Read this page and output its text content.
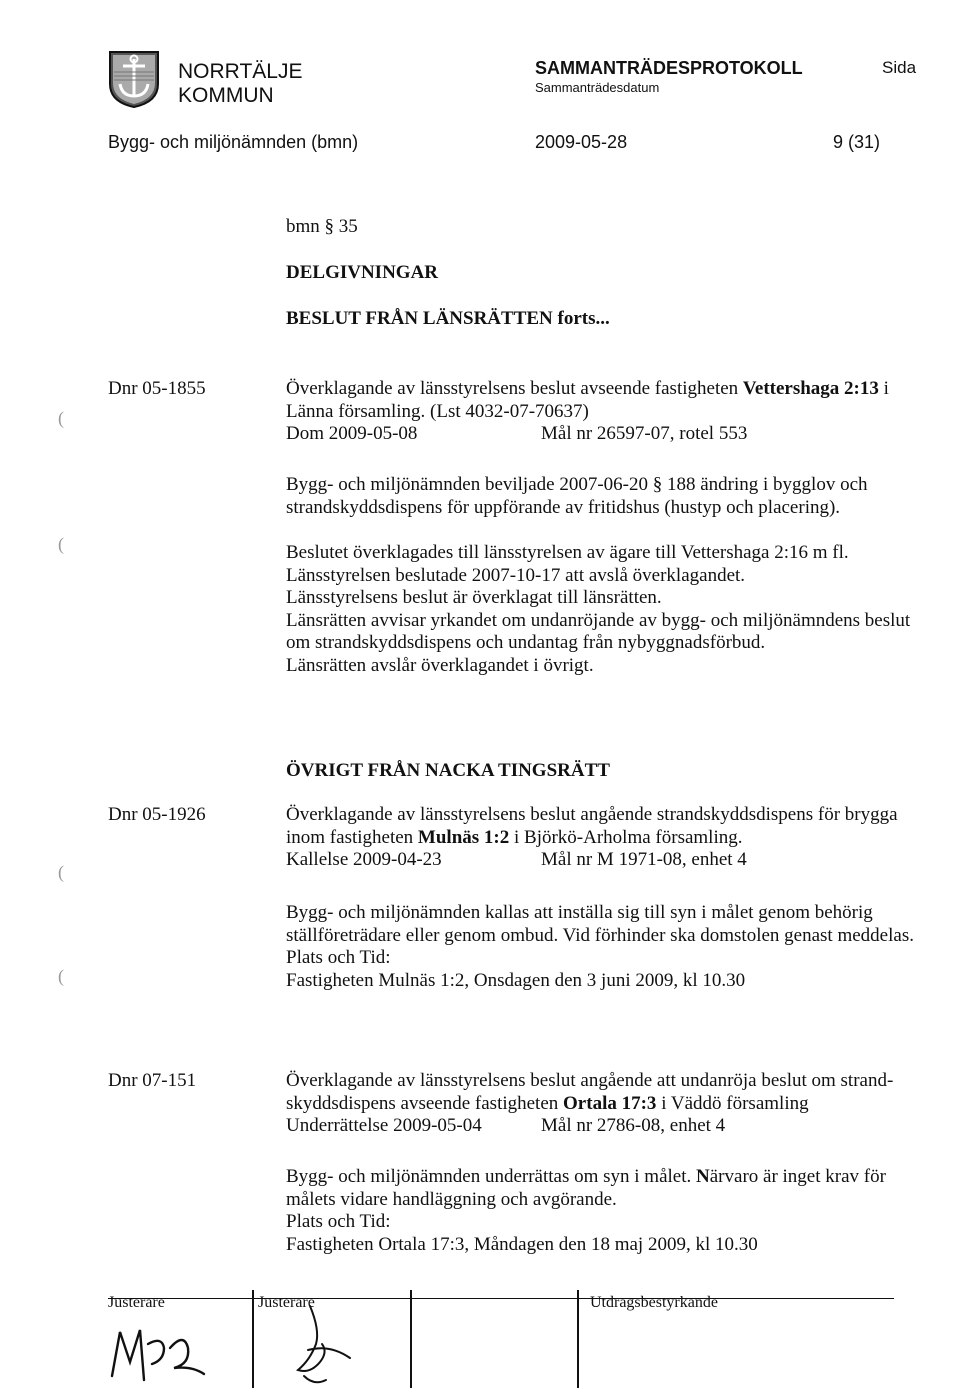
NORRTÄLJE
KOMMUN
SAMMANTRÄDESPROTOKOLL
Sammanträdesdatum
Sida
Bygg- och miljönämnden (bmn)	2009-05-28	9 (31)
bmn § 35
DELGIVNINGAR
BESLUT FRÅN LÄNSRÄTTEN forts...
Dnr 05-1855	Överklagande av länsstyrelsens beslut avseende fastigheten Vettershaga 2:13 i

Länna församling. (Lst 4032-07-70637)

Dom 2009-05-08	Mål nr 26597-07, rotel 553

Bygg- och miljönämnden beviljade 2007-06-20 § 188 ändring i bygglov och strandskyddsdispens för uppförande av fritidshus (hustyp och placering).

Beslutet överklagades till länsstyrelsen av ägare till Vettershaga 2:16 m fl.

Länsstyrelsen beslutade 2007-10-17 att avslå överklagandet.

Länsstyrelsens beslut är överklagat till länsrätten.

Länsrätten avvisar yrkandet om undanröjande av bygg- och miljönämndens beslut om strandskyddsdispens och undantag från nybyggnadsförbud.

Länsrätten avslår överklagandet i övrigt.

ÖVRIGT FRÅN NACKA TINGSRÄTT
Dnr 05-1926	Överklagande av länsstyrelsens beslut angående strandskyddsdispens för brygga

inom fastigheten Mulnäs 1:2 i Björkö-Arholma församling.

Kallelse 2009-04-23	Mål nr M 1971-08, enhet 4

Bygg- och miljönämnden kallas att inställa sig till syn i målet genom behörig ställföreträdare eller genom ombud. Vid förhinder ska domstolen genast meddelas.

Plats och Tid:

Fastigheten Mulnäs 1:2, Onsdagen den 3 juni 2009, kl 10.30

Dnr 07-151	Överklagande av länsstyrelsens beslut angående att undanröja beslut om strand-

skyddsdispens avseende fastigheten Ortala 17:3 i Väddö församling

Underrättelse 2009-05-04	Mål nr 2786-08, enhet 4

Bygg- och miljönämnden underrättas om syn i målet. Närvaro är inget krav för målets vidare handläggning och avgörande.

Plats och Tid:

Fastigheten Ortala 17:3, Måndagen den 18 maj 2009, kl 10.30

(
(
(
(
Justerare	Justerare	Utdragsbestyrkande
